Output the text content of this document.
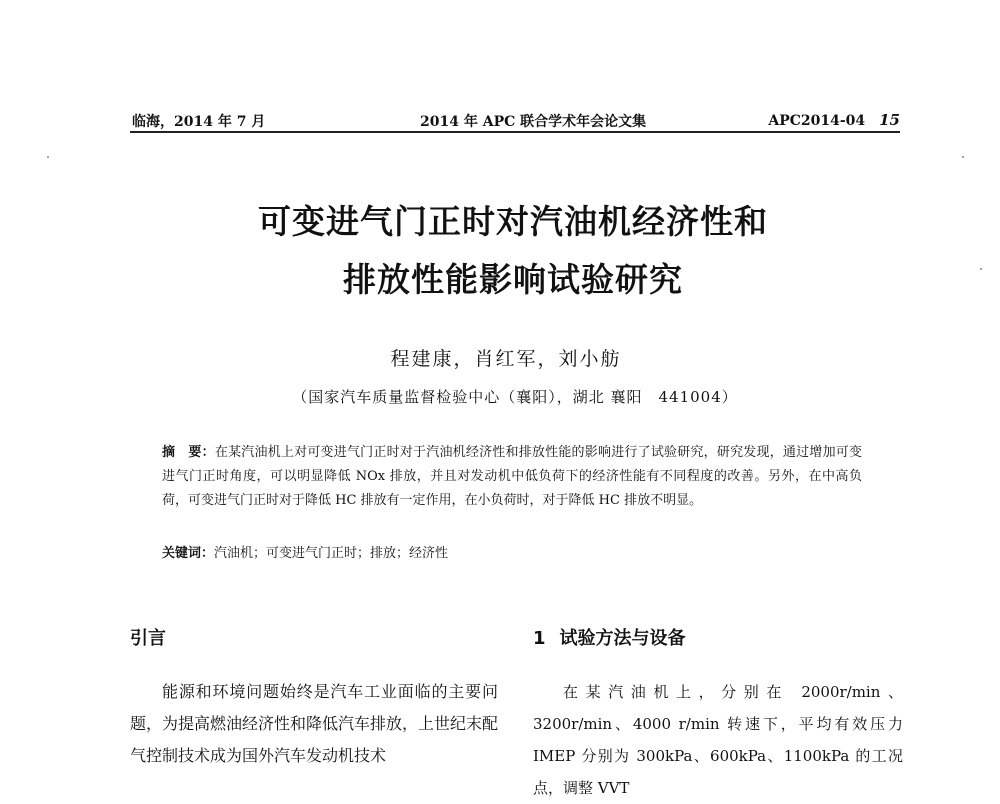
临海，2014 年 7 月	2014 年 APC 联合学术年会论文集	APC2014-04 15
可变进气门正时对汽油机经济性和
排放性能影响试验研究
程建康，肖红军，刘小舫
（国家汽车质量监督检验中心（襄阳），湖北 襄阳　441004）
摘　要：在某汽油机上对可变进气门正时对于汽油机经济性和排放性能的影响进行了试验研究，研究发现，通过增加可变进气门正时角度，可以明显降低 NOx 排放，并且对发动机中低负荷下的经济性能有不同程度的改善。另外，在中高负荷，可变进气门正时对于降低 HC 排放有一定作用，在小负荷时，对于降低 HC 排放不明显。
关键词：汽油机；可变进气门正时；排放；经济性
引言	1 试验方法与设备
能源和环境问题始终是汽车工业面临的主要问题，为提高燃油经济性和降低汽车排放，上世纪末配气控制技术成为国外汽车发动机技术
在某汽油机上，分别在 2000r/min、3200r/min、4000 r/min 转速下，平均有效压力 IMEP 分别为 300kPa、600kPa、1100kPa 的工况点，调整 VVT
